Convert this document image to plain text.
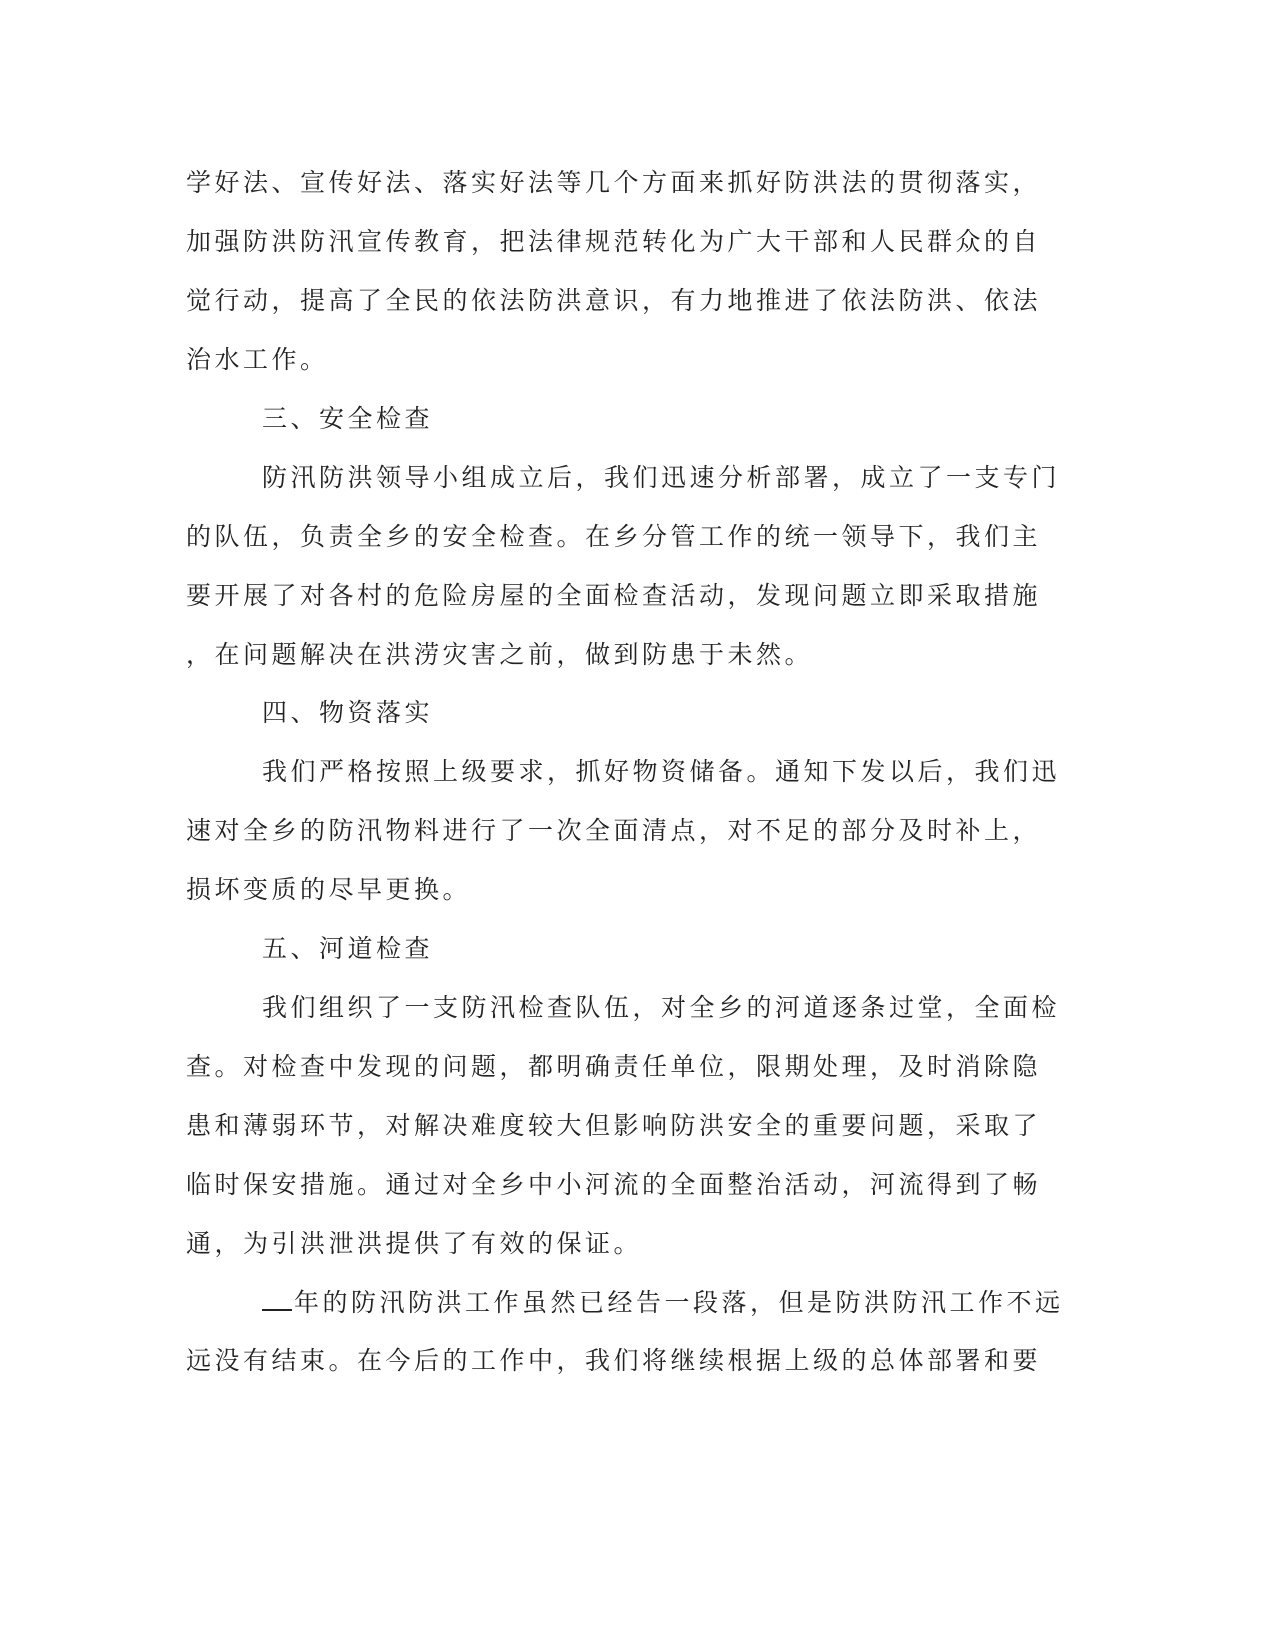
学好法、宣传好法、落实好法等几个方面来抓好防洪法的贯彻落实，
加强防洪防汛宣传教育，把法律规范转化为广大干部和人民群众的自
觉行动，提高了全民的依法防洪意识，有力地推进了依法防洪、依法
治水工作。
三、安全检查
防汛防洪领导小组成立后，我们迅速分析部署，成立了一支专门
的队伍，负责全乡的安全检查。在乡分管工作的统一领导下，我们主
要开展了对各村的危险房屋的全面检查活动，发现问题立即采取措施
，在问题解决在洪涝灾害之前，做到防患于未然。
四、物资落实
我们严格按照上级要求，抓好物资储备。通知下发以后，我们迅
速对全乡的防汛物料进行了一次全面清点，对不足的部分及时补上，
损坏变质的尽早更换。
五、河道检查
我们组织了一支防汛检查队伍，对全乡的河道逐条过堂，全面检
查。对检查中发现的问题，都明确责任单位，限期处理，及时消除隐
患和薄弱环节，对解决难度较大但影响防洪安全的重要问题，采取了
临时保安措施。通过对全乡中小河流的全面整治活动，河流得到了畅
通，为引洪泄洪提供了有效的保证。
年的防汛防洪工作虽然已经告一段落，但是防洪防汛工作不远
远没有结束。在今后的工作中，我们将继续根据上级的总体部署和要
